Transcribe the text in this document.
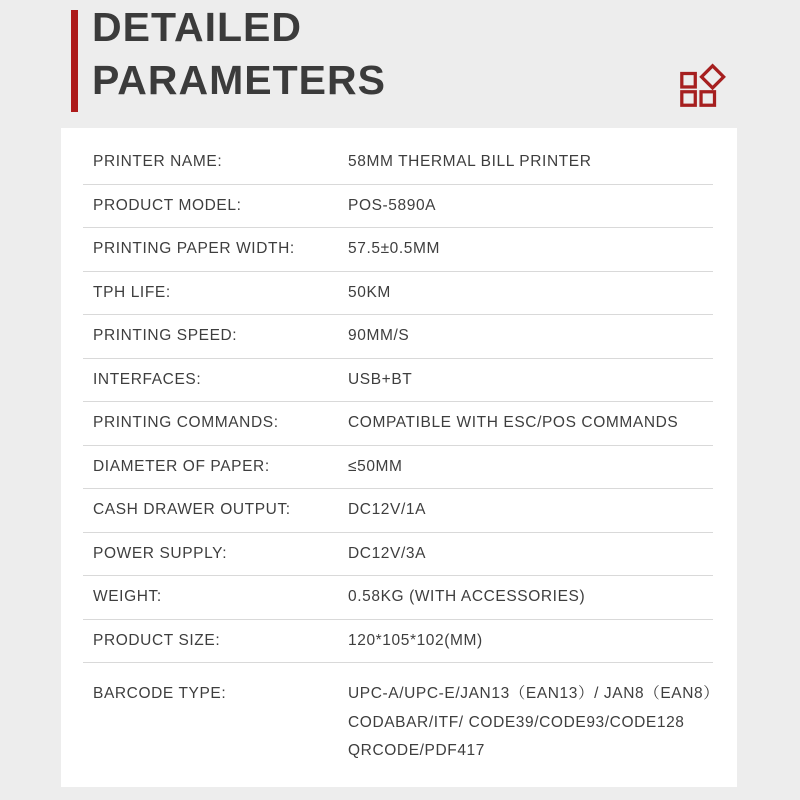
DETAILED
PARAMETERS
PRINTER NAME:	58MM THERMAL BILL PRINTER
PRODUCT MODEL:	POS-5890A
PRINTING PAPER WIDTH:	57.5±0.5MM
TPH LIFE:	50KM
PRINTING SPEED:	90MM/S
INTERFACES:	USB+BT
PRINTING COMMANDS:	COMPATIBLE WITH ESC/POS COMMANDS
DIAMETER OF PAPER:	≤50MM
CASH DRAWER OUTPUT:	DC12V/1A
POWER SUPPLY:	DC12V/3A
WEIGHT:	0.58KG (WITH ACCESSORIES)
PRODUCT SIZE:	120*105*102(MM)
BARCODE TYPE:	UPC-A/UPC-E/JAN13（EAN13）/ JAN8（EAN8）
CODABAR/ITF/ CODE39/CODE93/CODE128
QRCODE/PDF417
